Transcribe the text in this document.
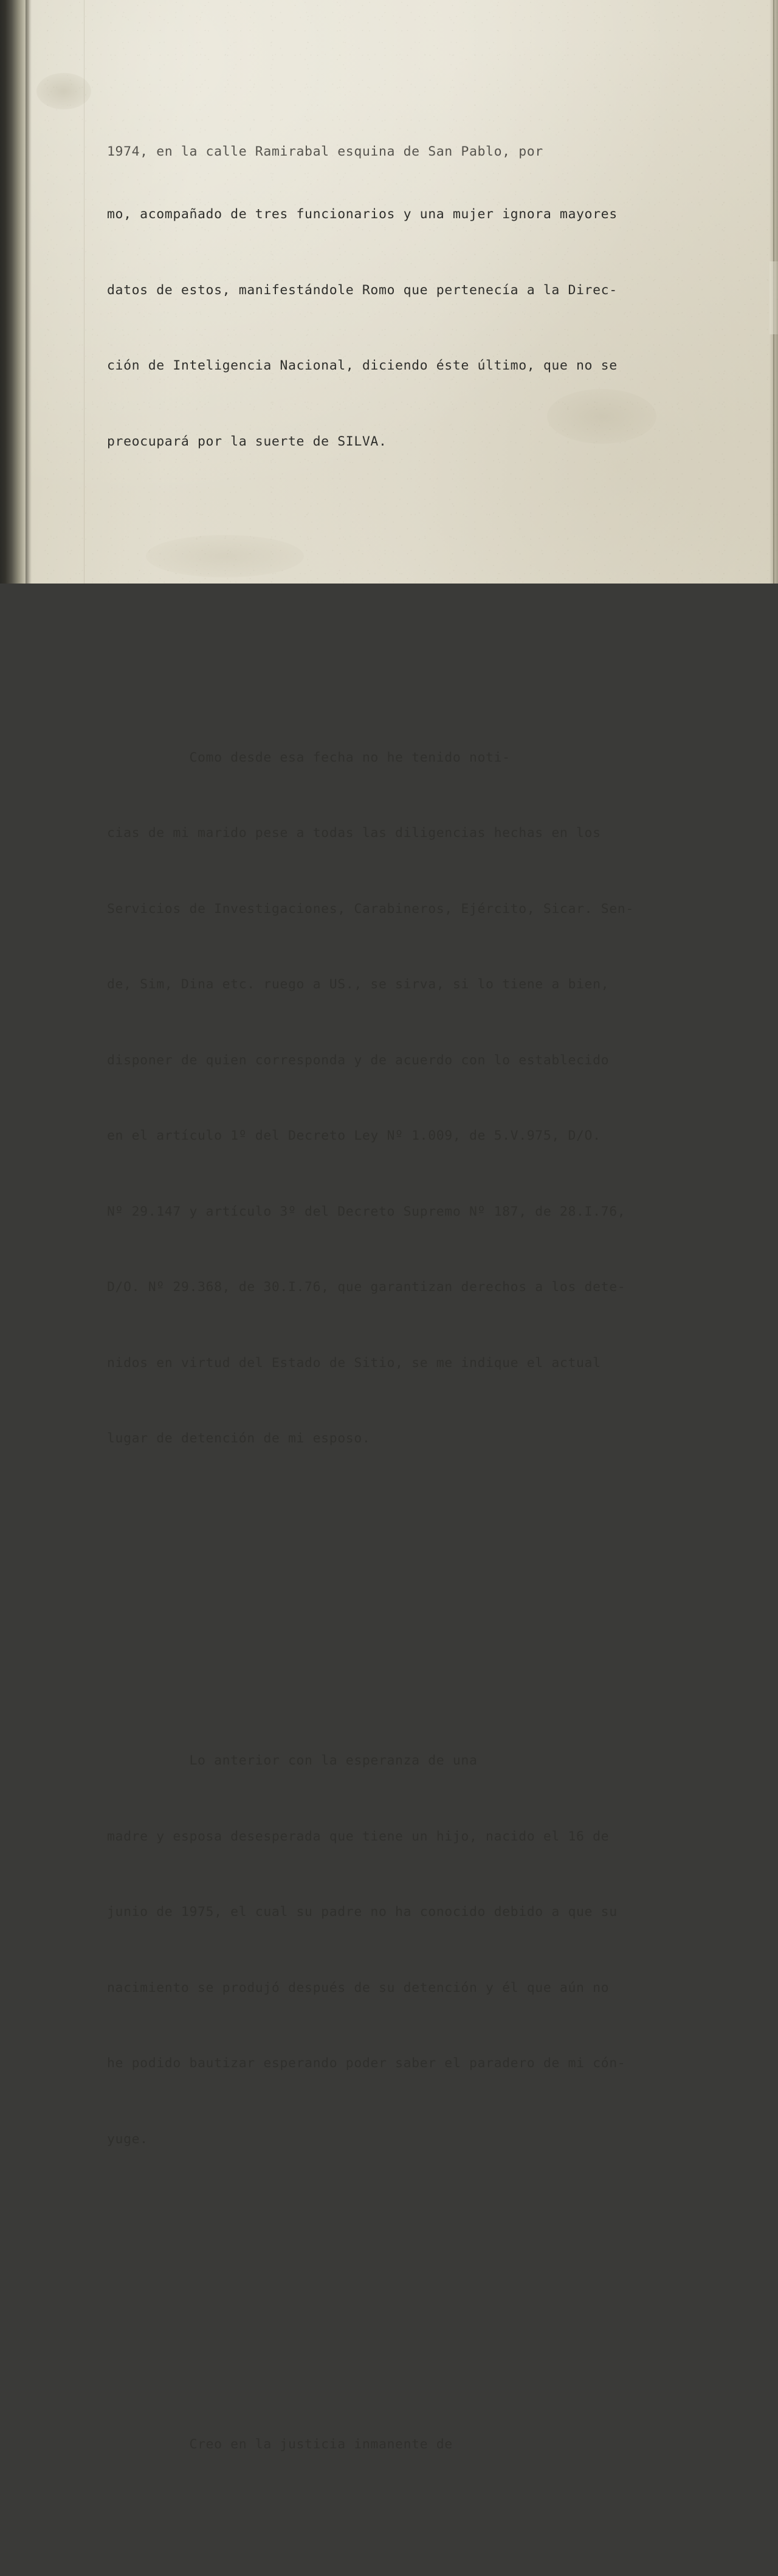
1974, en la calle Ramirabal esquina de San Pablo, por

mo, acompañado de tres funcionarios y una mujer ignora mayores

datos de estos, manifestándole Romo que pertenecía a la Direc-

ción de Inteligencia Nacional, diciendo éste último, que no se

preocupará por la suerte de SILVA.

Como desde esa fecha no he tenido noti-

cias de mi marido pese a todas las diligencias hechas en los

Servicios de Investigaciones, Carabineros, Ejército, Sicar. Sen-

de, Sim, Dina etc. ruego a US., se sirva, si lo tiene a bien,

disponer de quien corresponda y de acuerdo con lo establecido

en el artículo 1º del Decreto Ley Nº 1.009, de 5.V.975, D/O.

Nº 29.147 y artículo 3º del Decreto Supremo Nº 187, de 28.I.76,

D/O. Nº 29.368, de 30.I.76, que garantizan derechos a los dete-

nidos en virtud del Estado de Sitio, se me indique el actual

lugar de detención de mi esposo.

Lo anterior con la esperanza de una

madre y esposa desesperada que tiene un hijo, nacido el 16 de

junio de 1975, el cual su padre no ha conocido debido a que su

nacimiento se produjó después de su detención y él que aún no

he podido bautizar esperando poder saber el paradero de mi cón-

yuge.

Creo en la justicia inmanente de
